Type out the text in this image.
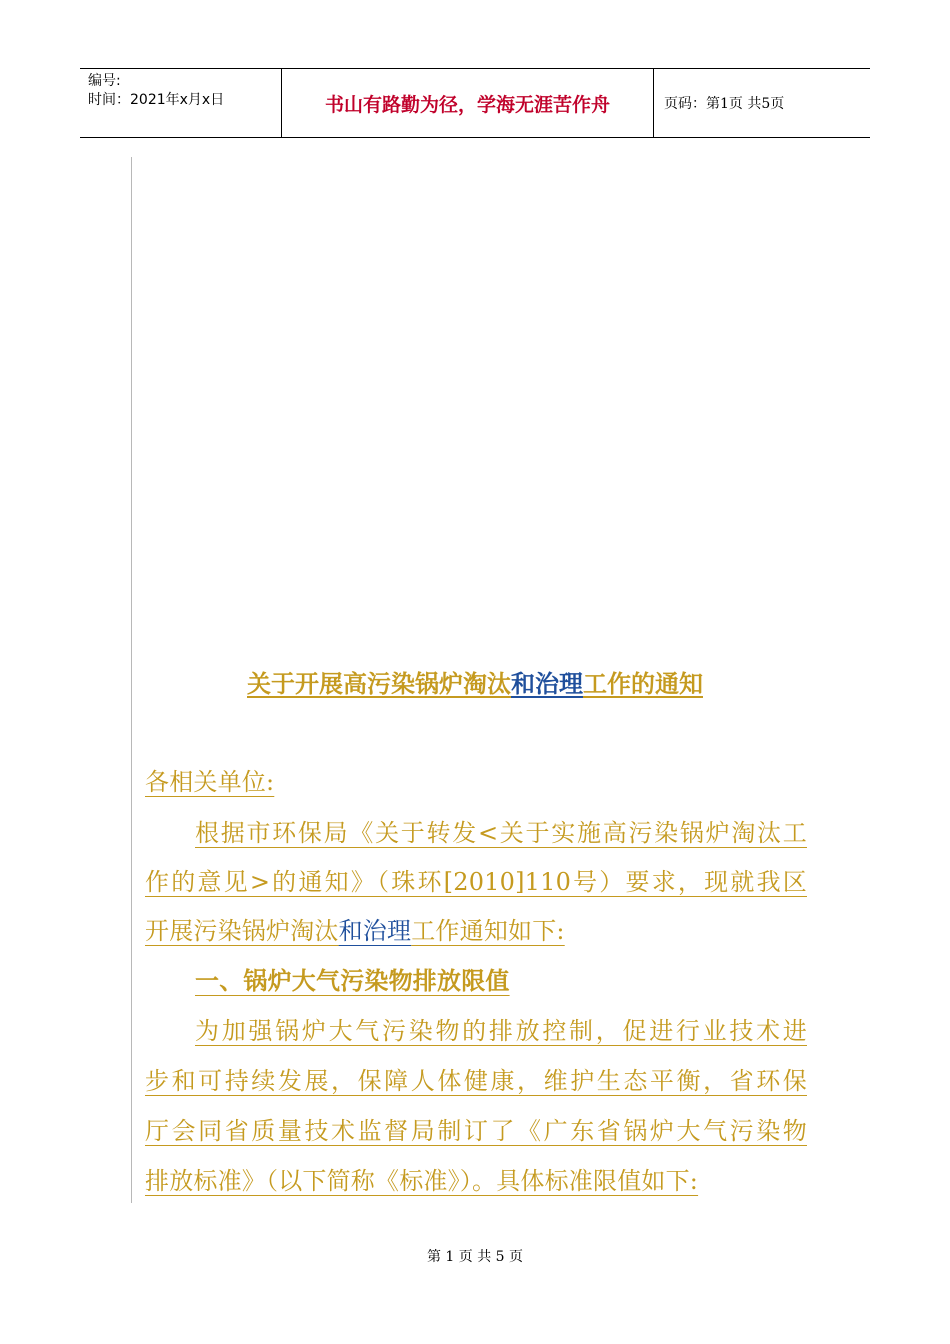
编号:
时间：2021年x月x日	书山有路勤为径，学海无涯苦作舟	页码：第1页 共5页
关于开展高污染锅炉淘汰和治理工作的通知
各相关单位:
根据市环保局《关于转发<关于实施高污染锅炉淘汰工
作的意见>的通知》（珠环[2010]110号）要求，现就我区
开展污染锅炉淘汰和治理工作通知如下:
一、锅炉大气污染物排放限值
为加强锅炉大气污染物的排放控制，促进行业技术进
步和可持续发展，保障人体健康，维护生态平衡，省环保
厅会同省质量技术监督局制订了《广东省锅炉大气污染物
排放标准》（以下简称《标准》）。具体标准限值如下:
第 1 页 共 5 页
